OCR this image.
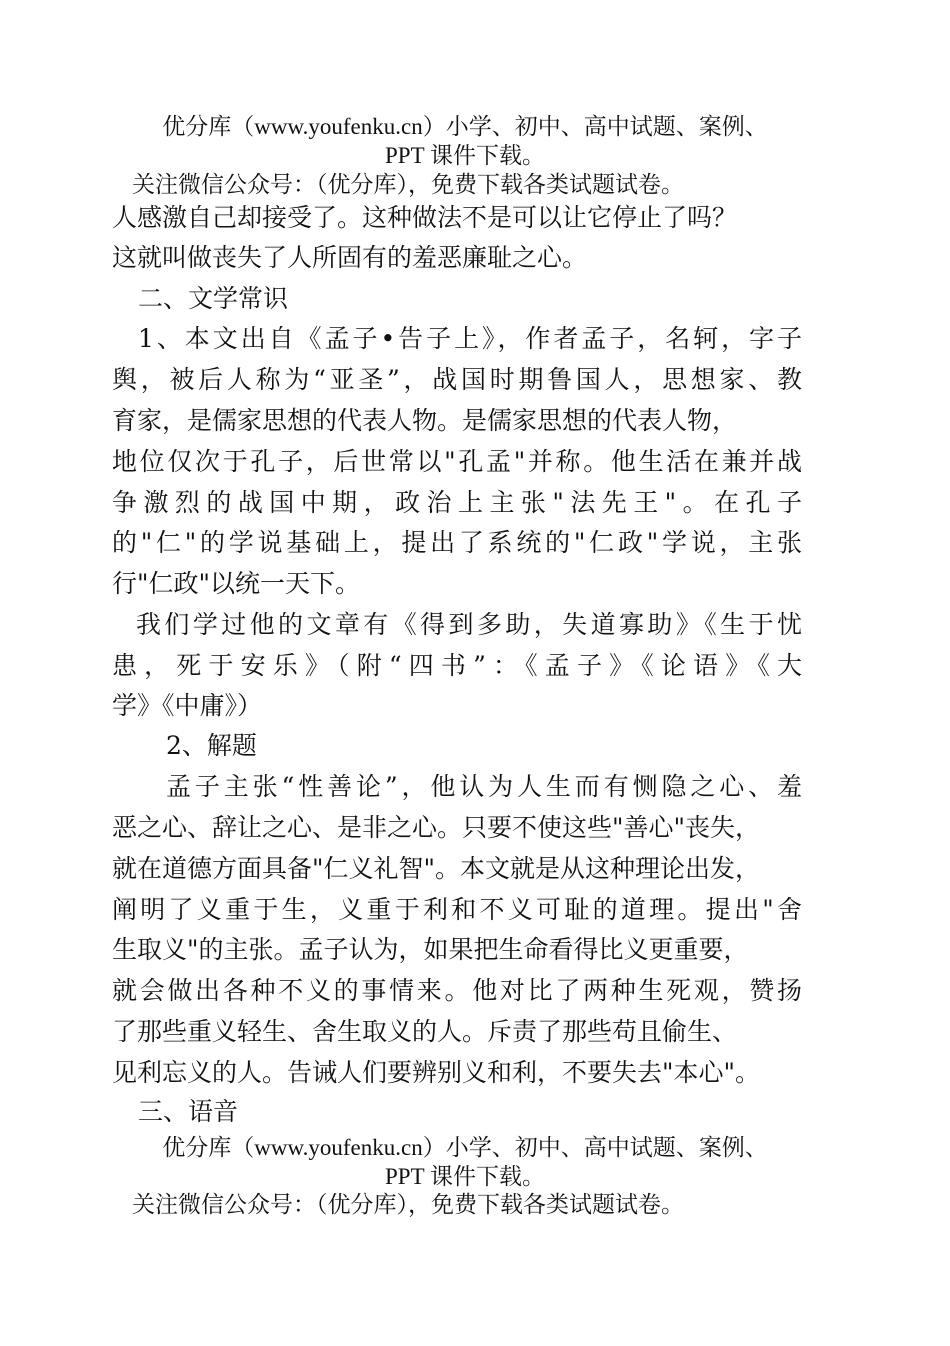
优分库（www.youfenku.cn）小学、初中、高中试题、案例、
PPT 课件下载。
关注微信公众号：（优分库），免费下载各类试题试卷。
人感激自己却接受了。这种做法不是可以让它停止了吗？
这就叫做丧失了人所固有的羞恶廉耻之心。
二、文学常识
1、本文出自《孟子•告子上》，作者孟子，名轲，字子
舆，被后人称为“亚圣”，战国时期鲁国人，思想家、教
育家，是儒家思想的代表人物。是儒家思想的代表人物，
地位仅次于孔子，后世常以"孔孟"并称。他生活在兼并战
争激烈的战国中期，政治上主张"法先王"。在孔子
的"仁"的学说基础上，提出了系统的"仁政"学说，主张
行"仁政"以统一天下。
我们学过他的文章有《得到多助，失道寡助》《生于忧
患，死于安乐》（附“四书”：《孟子》《论语》《大
学》《中庸》）
2、解题
孟子主张“性善论”，他认为人生而有恻隐之心、羞
恶之心、辞让之心、是非之心。只要不使这些"善心"丧失，
就在道德方面具备"仁义礼智"。本文就是从这种理论出发，
阐明了义重于生，义重于利和不义可耻的道理。提出"舍
生取义"的主张。孟子认为，如果把生命看得比义更重要，
就会做出各种不义的事情来。他对比了两种生死观，赞扬
了那些重义轻生、舍生取义的人。斥责了那些苟且偷生、
见利忘义的人。告诫人们要辨别义和利，不要失去"本心"。
三、语音
优分库（www.youfenku.cn）小学、初中、高中试题、案例、
PPT 课件下载。
关注微信公众号：（优分库），免费下载各类试题试卷。
